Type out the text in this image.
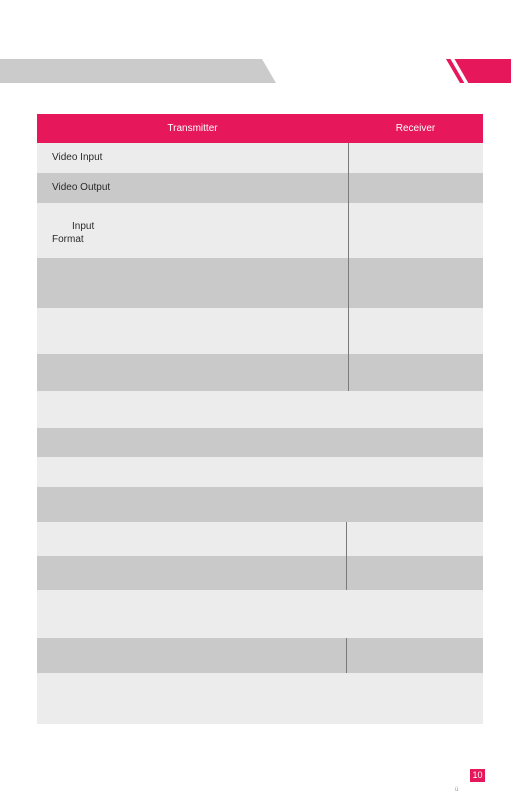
Transmitter	Receiver
Video Input
Video Output
Input
Format
10
ü
